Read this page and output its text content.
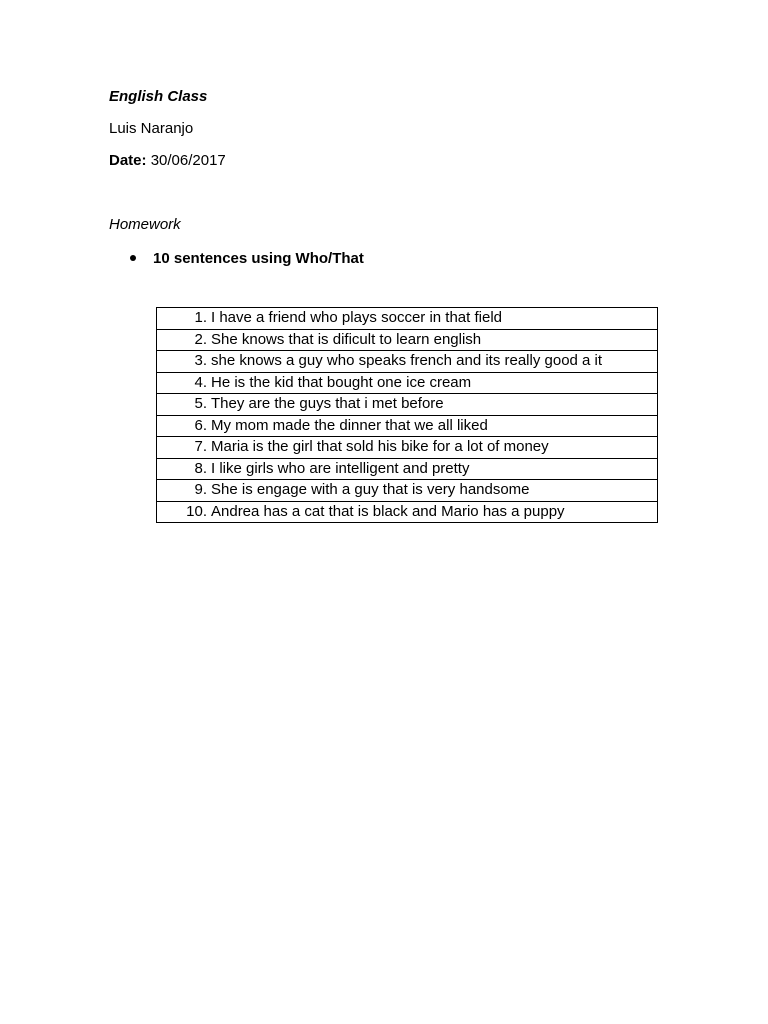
English Class
Luis Naranjo
Date: 30/06/2017
Homework
10 sentences using Who/That
1. I have a friend who plays soccer in that field
2. She knows that is dificult to learn english
3. she knows a guy who speaks french and its really good a it
4. He is the kid that bought one ice cream
5. They are the guys that i met before
6. My mom made the dinner that we all liked
7. Maria is the girl that sold his bike for a lot of money
8. I like girls who are intelligent and pretty
9. She is engage with a guy that is very handsome
10. Andrea has a cat that is black and Mario has a puppy
